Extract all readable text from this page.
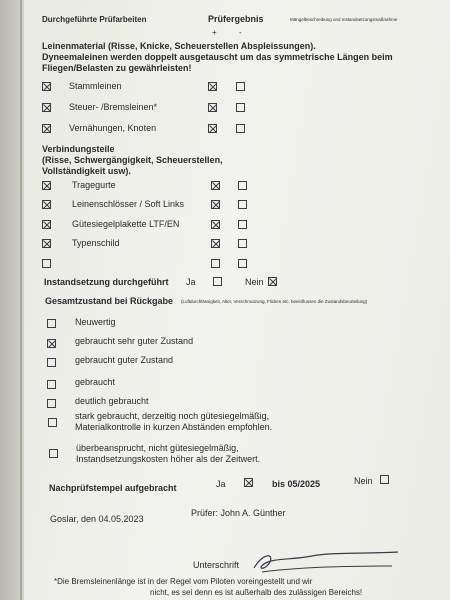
Durchgeführte Prüfarbeiten	Prüfergebnis	Mängelbeschreibung und Instandsetzungsmaßnahme
+	-
Leinenmaterial (Risse, Knicke, Scheuerstellen Abspleissungen).
Dyneemaleinen werden doppelt ausgetauscht um das symmetrische Längen beim
Fliegen/Belasten zu gewährleisten!
Stammleinen
Steuer- /Bremsleinen*
Vernähungen, Knoten
Verbindungsteile
(Risse, Schwergängigkeit, Scheuerstellen,
Vollständigkeit usw).
Tragegurte
Leinenschlösser / Soft Links
Gütesiegelplakette LTF/EN
Typenschild
Instandsetzung durchgeführt Ja	Nein
Gesamtzustand bei Rückgabe (Luftdurchlässigkeit, Alter, Verschmutzung, Flicken etc. beeinflussen die Zustandsbeurteilung)
Neuwertig
gebraucht sehr guter Zustand
gebraucht guter Zustand
gebraucht
deutlich gebraucht
stark gebraucht, derzeitig noch gütesiegelmäßig,
Materialkontrolle in kurzen Abständen empfohlen.
überbeansprucht, nicht gütesiegelmäßig,
Instandsetzungskosten höher als der Zeitwert.
Nachprüfstempel aufgebracht	Ja	bis 05/2025	Nein
Goslar, den 04.05.2023
Prüfer: John A. Günther
Unterschrift
*Die Bremsleinenlänge ist in der Regel vom Piloten voreingestellt und wir
nicht, es sei denn es ist außerhalb des zulässigen Bereichs!
